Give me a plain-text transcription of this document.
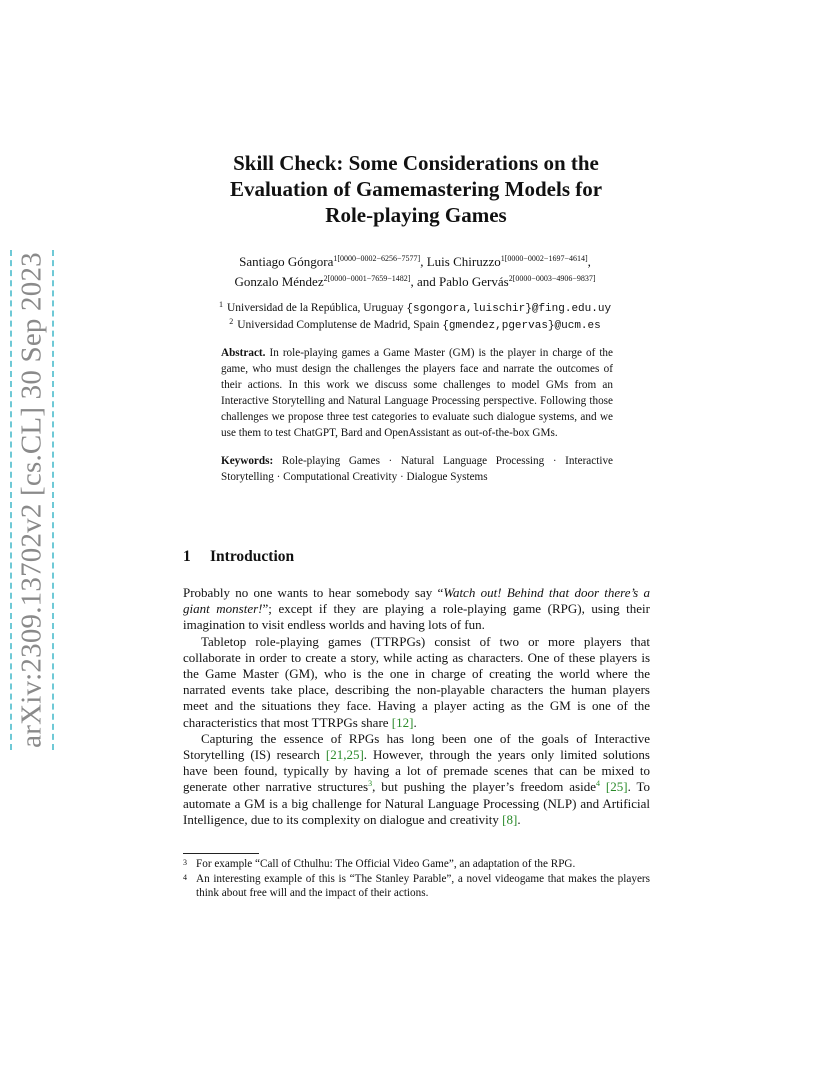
arXiv:2309.13702v2 [cs.CL] 30 Sep 2023
Skill Check: Some Considerations on the
Evaluation of Gamemastering Models for
Role-playing Games
Santiago Góngora$^{1[0000-0002-6256-7577]}$, Luis Chiruzzo$^{1[0000-0002-1697-4614]}$,
Gonzalo Méndez$^{2[0000-0001-7659-1482]}$, and Pablo Gervás$^{2[0000-0003-4906-9837]}$
$^1$ Universidad de la República, Uruguay {sgongora,luischir}@fing.edu.uy
$^2$ Universidad Complutense de Madrid, Spain {gmendez,pgervas}@ucm.es

Abstract. In role-playing games a Game Master (GM) is the player in charge of the game, who must design the challenges the players face and narrate the outcomes of their actions. In this work we discuss some challenges to model GMs from an Interactive Storytelling and Natural Language Processing perspective. Following those challenges we propose three test categories to evaluate such dialogue systems, and we use them to test ChatGPT, Bard and OpenAssistant as out-of-the-box GMs.

Keywords: Role-playing Games · Natural Language Processing · Interactive Storytelling · Computational Creativity · Dialogue Systems

1 Introduction

Probably no one wants to hear somebody say “Watch out! Behind that door there’s a giant monster!”; except if they are playing a role-playing game (RPG), using their imagination to visit endless worlds and having lots of fun.

Tabletop role-playing games (TTRPGs) consist of two or more players that collaborate in order to create a story, while acting as characters. One of these players is the Game Master (GM), who is the one in charge of creating the world where the narrated events take place, describing the non-playable characters the human players meet and the situations they face. Having a player acting as the GM is one of the characteristics that most TTRPGs share [12].

Capturing the essence of RPGs has long been one of the goals of Interactive Storytelling (IS) research [21,25]. However, through the years only limited solutions have been found, typically by having a lot of premade scenes that can be mixed to generate other narrative structures$^3$, but pushing the player’s freedom aside$^4$ [25]. To automate a GM is a big challenge for Natural Language Processing (NLP) and Artificial Intelligence, due to its complexity on dialogue and creativity [8].

3 For example “Call of Cthulhu: The Official Video Game”, an adaptation of the RPG.
4 An interesting example of this is “The Stanley Parable”, a novel videogame that makes the players think about free will and the impact of their actions.
